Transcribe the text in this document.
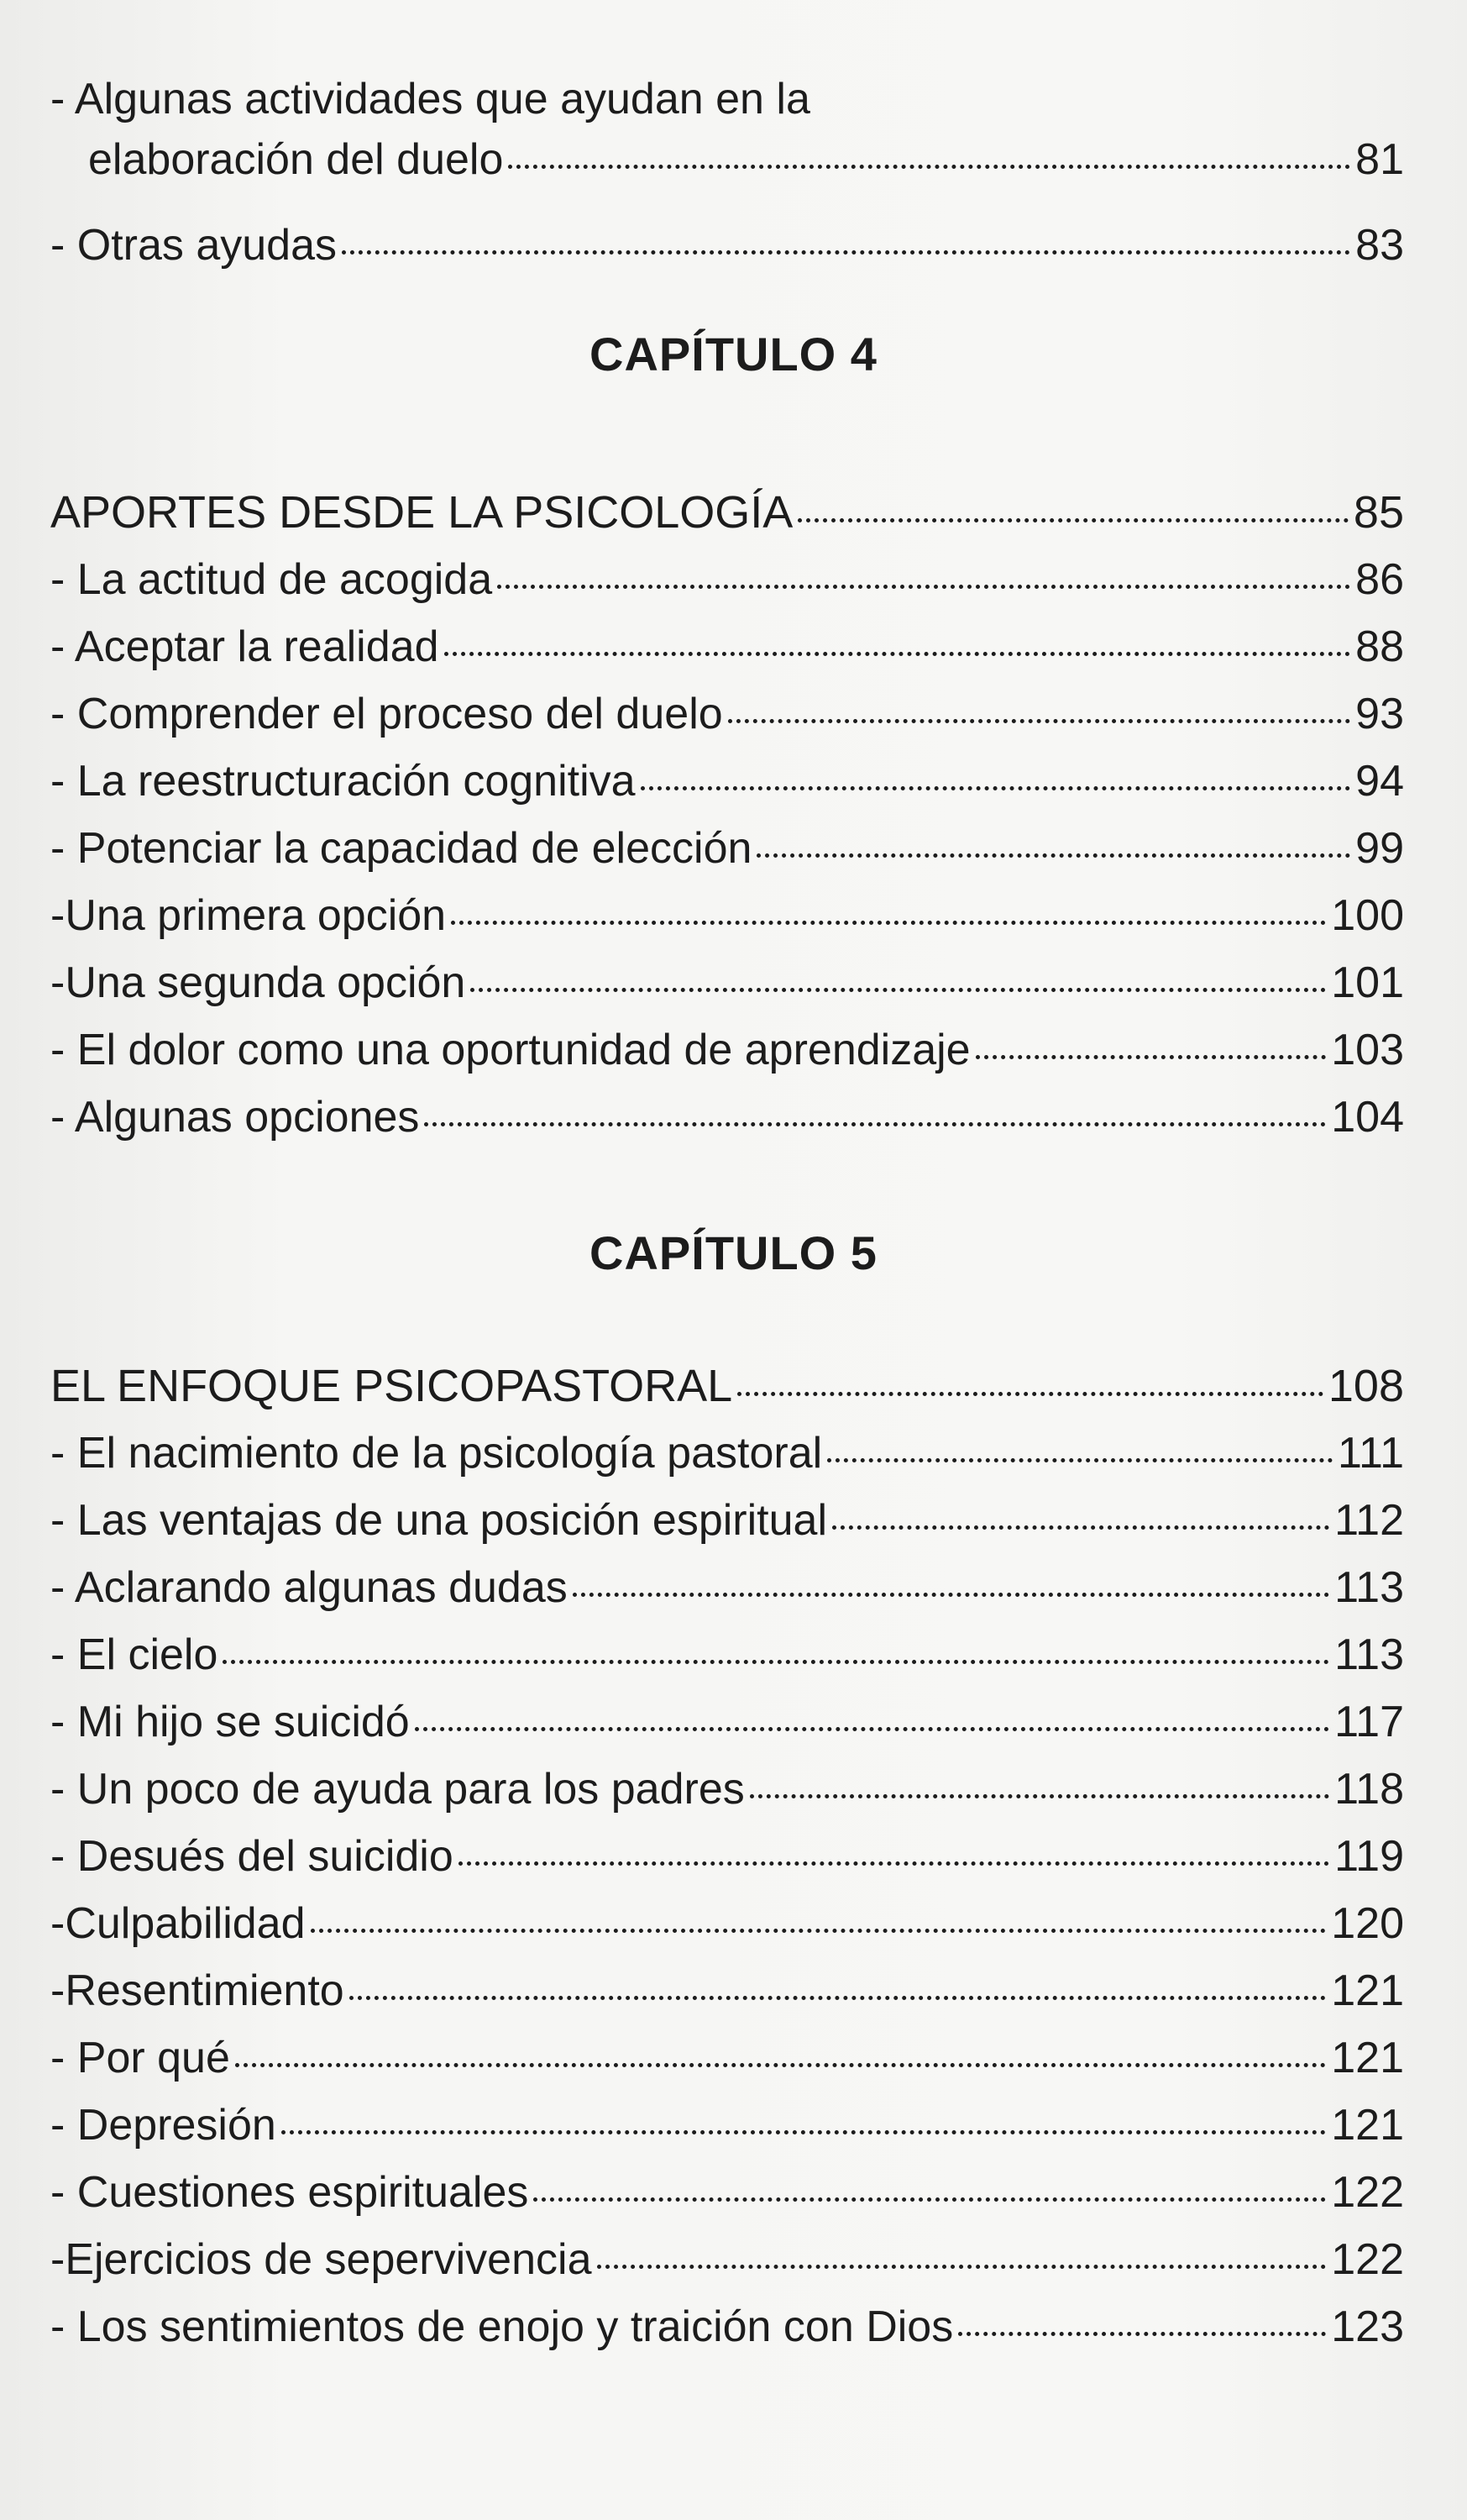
- Algunas actividades que ayudan en la
elaboración del duelo	81
- Otras ayudas	83
CAPÍTULO 4
APORTES DESDE LA PSICOLOGÍA	85
- La actitud de acogida	86
- Aceptar la realidad	88
- Comprender el proceso del duelo	93
- La reestructuración cognitiva	94
- Potenciar la capacidad de elección	99
-Una primera opción	100
-Una segunda opción	101
- El dolor como una oportunidad de aprendizaje	103
- Algunas opciones	104
CAPÍTULO 5
EL ENFOQUE PSICOPASTORAL	108
- El nacimiento de la psicología pastoral	111
- Las ventajas de una posición espiritual	112
- Aclarando algunas dudas	113
- El cielo	113
- Mi hijo se suicidó	117
- Un poco de ayuda para los padres	118
- Desués del suicidio	119
-Culpabilidad	120
-Resentimiento	121
- Por qué	121
- Depresión	121
- Cuestiones espirituales	122
-Ejercicios de sepervivencia	122
- Los sentimientos de enojo y traición con Dios	123
